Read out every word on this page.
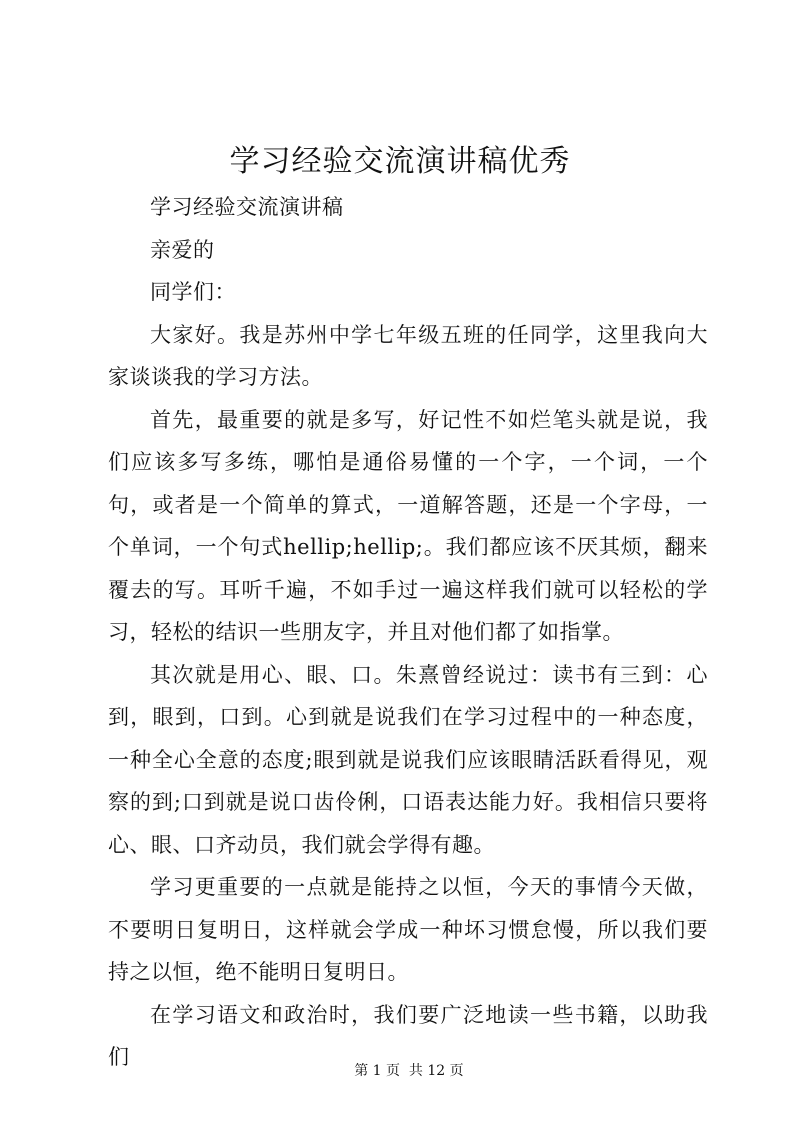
学习经验交流演讲稿优秀

学习经验交流演讲稿

亲爱的

同学们：

大家好。我是苏州中学七年级五班的任同学，这里我向大家谈谈我的学习方法。

首先，最重要的就是多写，好记性不如烂笔头就是说，我们应该多写多练，哪怕是通俗易懂的一个字，一个词，一个句，或者是一个简单的算式，一道解答题，还是一个字母，一个单词，一个句式hellip;hellip;。我们都应该不厌其烦，翻来覆去的写。耳听千遍，不如手过一遍这样我们就可以轻松的学习，轻松的结识一些朋友字，并且对他们都了如指掌。

其次就是用心、眼、口。朱熹曾经说过：读书有三到：心到，眼到，口到。心到就是说我们在学习过程中的一种态度，一种全心全意的态度;眼到就是说我们应该眼睛活跃看得见，观察的到;口到就是说口齿伶俐，口语表达能力好。我相信只要将心、眼、口齐动员，我们就会学得有趣。

学习更重要的一点就是能持之以恒，今天的事情今天做，不要明日复明日，这样就会学成一种坏习惯怠慢，所以我们要持之以恒，绝不能明日复明日。

在学习语文和政治时，我们要广泛地读一些书籍，以助我们

第 1 页  共 12 页
